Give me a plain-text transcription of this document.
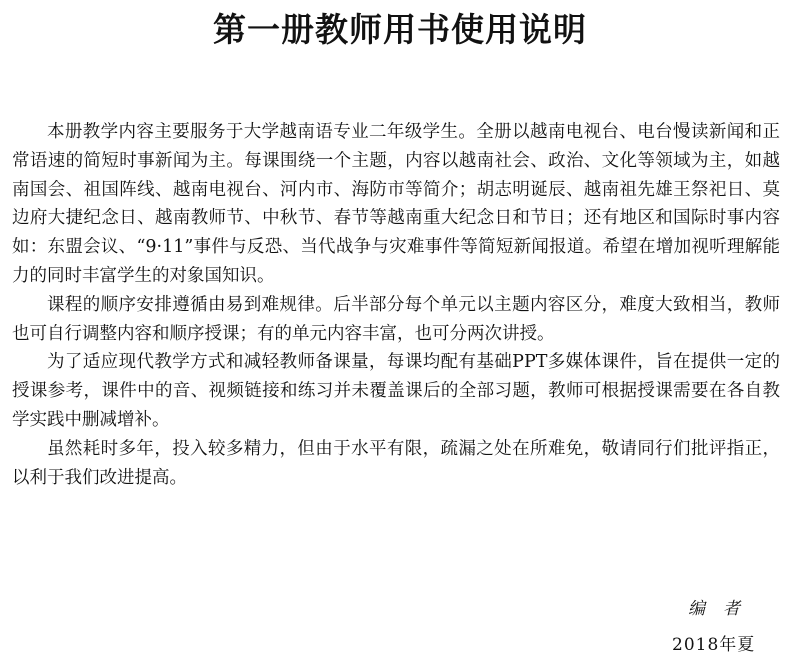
第一册教师用书使用说明

本册教学内容主要服务于大学越南语专业二年级学生。全册以越南电视台、电台慢读新闻和正常语速的简短时事新闻为主。每课围绕一个主题，内容以越南社会、政治、文化等领域为主，如越南国会、祖国阵线、越南电视台、河内市、海防市等简介；胡志明诞辰、越南祖先雄王祭祀日、莫边府大捷纪念日、越南教师节、中秋节、春节等越南重大纪念日和节日；还有地区和国际时事内容如：东盟会议、“9·11”事件与反恐、当代战争与灾难事件等简短新闻报道。希望在增加视听理解能力的同时丰富学生的对象国知识。

课程的顺序安排遵循由易到难规律。后半部分每个单元以主题内容区分，难度大致相当，教师也可自行调整内容和顺序授课；有的单元内容丰富，也可分两次讲授。

为了适应现代教学方式和减轻教师备课量，每课均配有基础PPT多媒体课件，旨在提供一定的授课参考，课件中的音、视频链接和练习并未覆盖课后的全部习题，教师可根据授课需要在各自教学实践中删减增补。

虽然耗时多年，投入较多精力，但由于水平有限，疏漏之处在所难免，敬请同行们批评指正，以利于我们改进提高。

编者
2018年夏
